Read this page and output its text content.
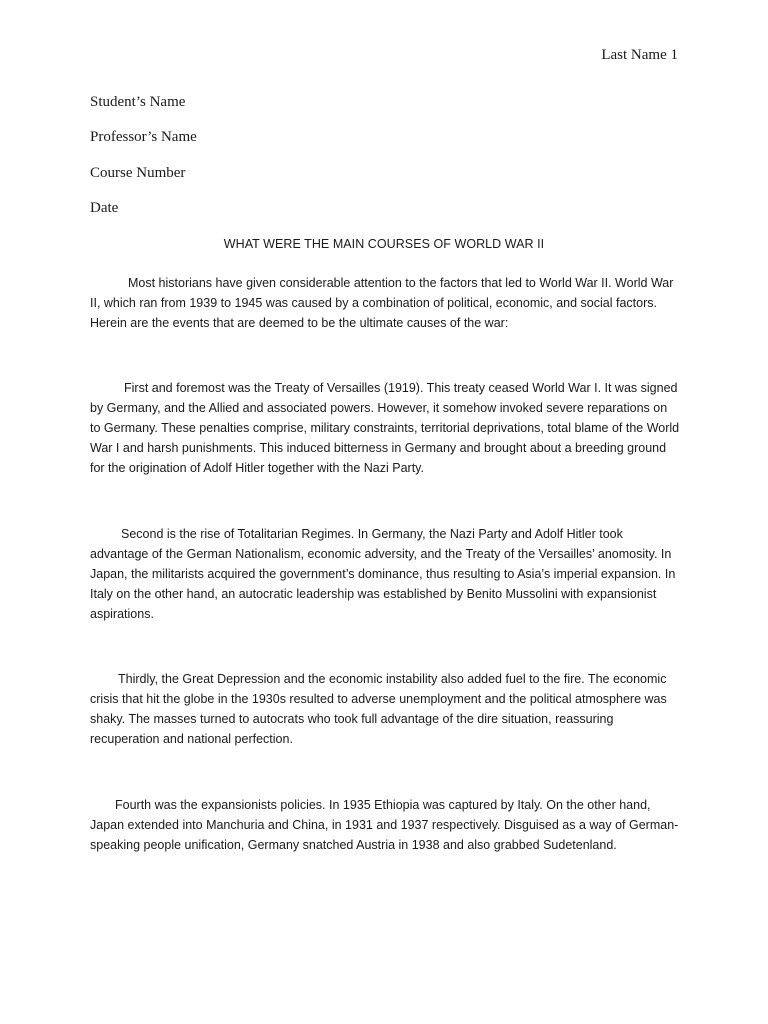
Last Name 1
Student’s Name
Professor’s Name
Course Number
Date
WHAT WERE THE MAIN COURSES OF WORLD WAR II

Most historians have given considerable attention to the factors that led to World War II. World War II, which ran from 1939 to 1945 was caused by a combination of political, economic, and social factors. Herein are the events that are deemed to be the ultimate causes of the war:

First and foremost was the Treaty of Versailles (1919). This treaty ceased World War I. It was signed by Germany, and the Allied and associated powers. However, it somehow invoked severe reparations on to Germany. These penalties comprise, military constraints, territorial deprivations, total blame of the World War I and harsh punishments. This induced bitterness in Germany and brought about a breeding ground for the origination of Adolf Hitler together with the Nazi Party.

Second is the rise of Totalitarian Regimes. In Germany, the Nazi Party and Adolf Hitler took advantage of the German Nationalism, economic adversity, and the Treaty of the Versailles’ anomosity. In Japan, the militarists acquired the government’s dominance, thus resulting to Asia’s imperial expansion. In Italy on the other hand, an autocratic leadership was established by Benito Mussolini with expansionist aspirations.

Thirdly, the Great Depression and the economic instability also added fuel to the fire. The economic crisis that hit the globe in the 1930s resulted to adverse unemployment and the political atmosphere was shaky. The masses turned to autocrats who took full advantage of the dire situation, reassuring recuperation and national perfection.

Fourth was the expansionists policies. In 1935 Ethiopia was captured by Italy. On the other hand, Japan extended into Manchuria and China, in 1931 and 1937 respectively. Disguised as a way of German-speaking people unification, Germany snatched Austria in 1938 and also grabbed Sudetenland.
